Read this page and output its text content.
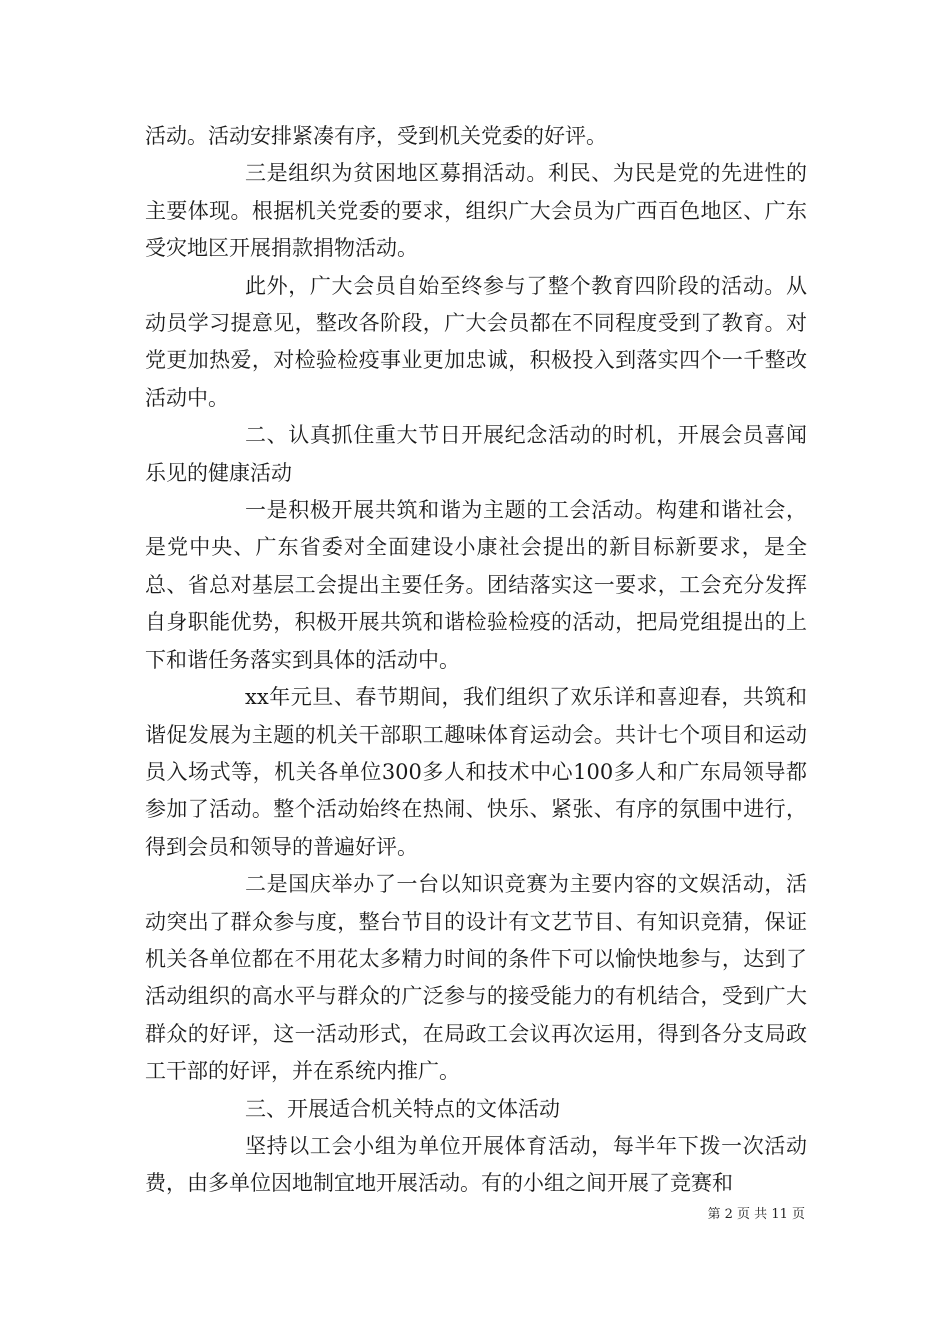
活动。活动安排紧凑有序，受到机关党委的好评。

三是组织为贫困地区募捐活动。利民、为民是党的先进性的主要体现。根据机关党委的要求，组织广大会员为广西百色地区、广东受灾地区开展捐款捐物活动。

此外，广大会员自始至终参与了整个教育四阶段的活动。从动员学习提意见，整改各阶段，广大会员都在不同程度受到了教育。对党更加热爱，对检验检疫事业更加忠诚，积极投入到落实四个一千整改活动中。

二、认真抓住重大节日开展纪念活动的时机，开展会员喜闻乐见的健康活动

一是积极开展共筑和谐为主题的工会活动。构建和谐社会，是党中央、广东省委对全面建设小康社会提出的新目标新要求，是全总、省总对基层工会提出主要任务。团结落实这一要求，工会充分发挥自身职能优势，积极开展共筑和谐检验检疫的活动，把局党组提出的上下和谐任务落实到具体的活动中。

xx年元旦、春节期间，我们组织了欢乐详和喜迎春，共筑和谐促发展为主题的机关干部职工趣味体育运动会。共计七个项目和运动员入场式等，机关各单位300多人和技术中心100多人和广东局领导都参加了活动。整个活动始终在热闹、快乐、紧张、有序的氛围中进行，得到会员和领导的普遍好评。

二是国庆举办了一台以知识竞赛为主要内容的文娱活动，活动突出了群众参与度，整台节目的设计有文艺节目、有知识竞猜，保证机关各单位都在不用花太多精力时间的条件下可以愉快地参与，达到了活动组织的高水平与群众的广泛参与的接受能力的有机结合，受到广大群众的好评，这一活动形式，在局政工会议再次运用，得到各分支局政工干部的好评，并在系统内推广。

三、开展适合机关特点的文体活动

坚持以工会小组为单位开展体育活动，每半年下拨一次活动费，由多单位因地制宜地开展活动。有的小组之间开展了竞赛和

第 2 页 共 11 页
